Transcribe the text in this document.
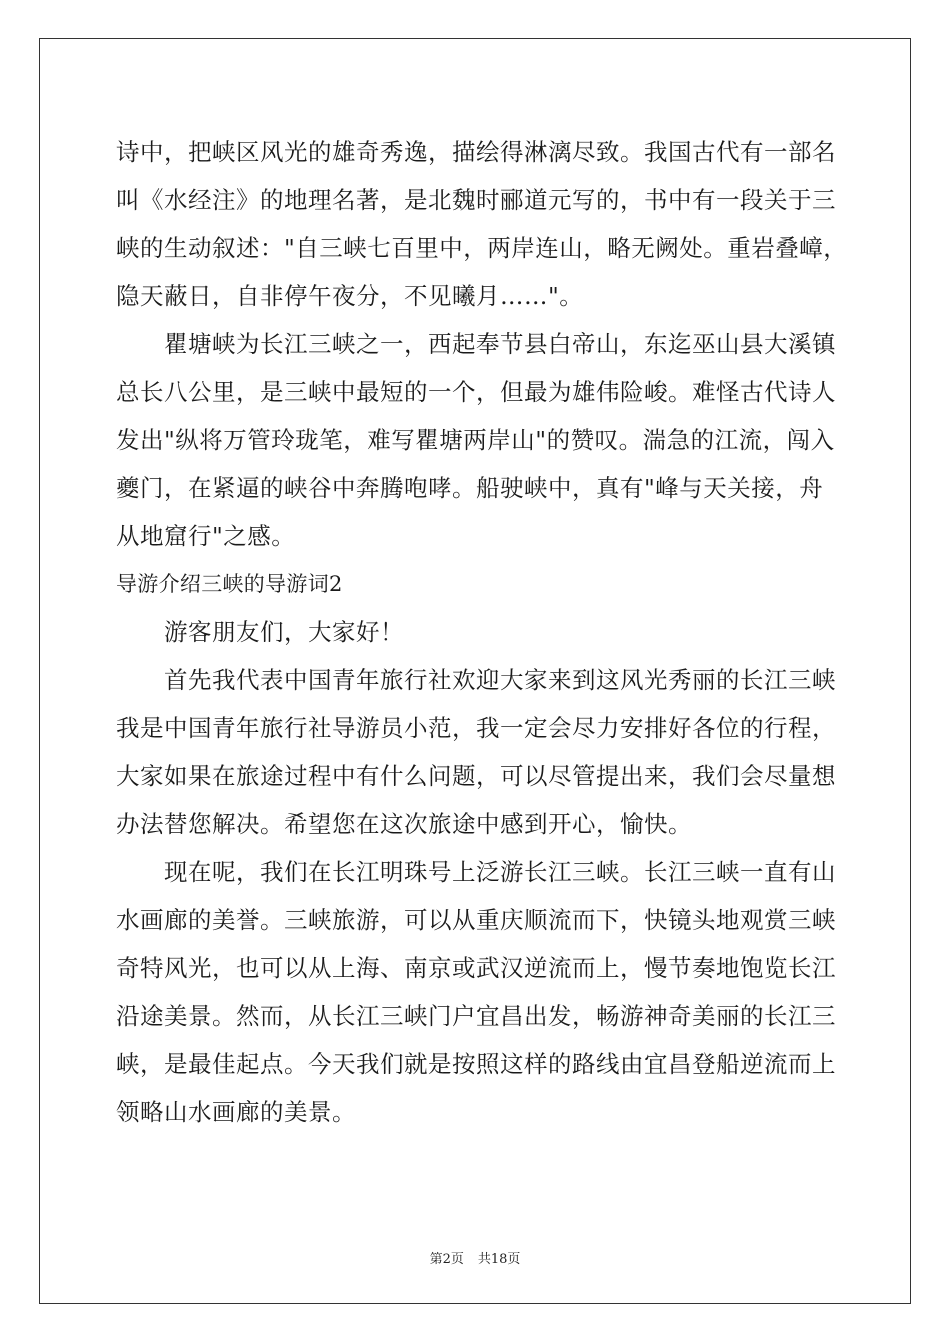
诗中，把峡区风光的雄奇秀逸，描绘得淋漓尽致。我国古代有一部名
叫《水经注》的地理名著，是北魏时郦道元写的，书中有一段关于三
峡的生动叙述："自三峡七百里中，两岸连山，略无阙处。重岩叠嶂，
隐天蔽日，自非停午夜分，不见曦月……"。
瞿塘峡为长江三峡之一，西起奉节县白帝山，东迄巫山县大溪镇
总长八公里，是三峡中最短的一个，但最为雄伟险峻。难怪古代诗人
发出"纵将万管玲珑笔，难写瞿塘两岸山"的赞叹。湍急的江流，闯入
夔门，在紧逼的峡谷中奔腾咆哮。船驶峡中，真有"峰与天关接，舟
从地窟行"之感。
导游介绍三峡的导游词2
游客朋友们，大家好！
首先我代表中国青年旅行社欢迎大家来到这风光秀丽的长江三峡
我是中国青年旅行社导游员小范，我一定会尽力安排好各位的行程，
大家如果在旅途过程中有什么问题，可以尽管提出来，我们会尽量想
办法替您解决。希望您在这次旅途中感到开心，愉快。
现在呢，我们在长江明珠号上泛游长江三峡。长江三峡一直有山
水画廊的美誉。三峡旅游，可以从重庆顺流而下，快镜头地观赏三峡
奇特风光，也可以从上海、南京或武汉逆流而上，慢节奏地饱览长江
沿途美景。然而，从长江三峡门户宜昌出发，畅游神奇美丽的长江三
峡，是最佳起点。今天我们就是按照这样的路线由宜昌登船逆流而上
领略山水画廊的美景。
第2页 共18页
